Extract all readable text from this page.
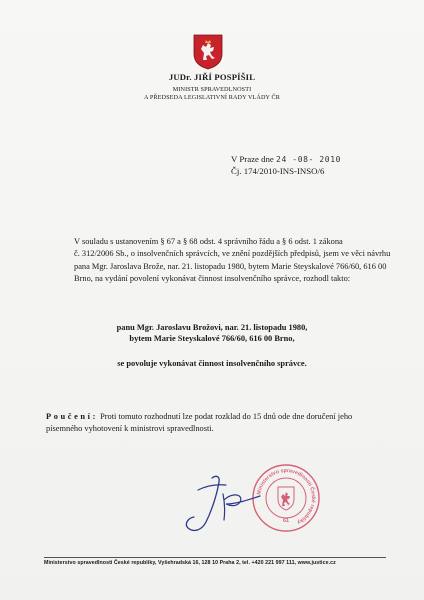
JUDr. JIŘÍ POSPÍŠIL
MINISTR SPRAVEDLNOSTI
A PŘEDSEDA LEGISLATIVNÍ RADY VLÁDY ČR
V Praze dne 24 -08- 2010
Čj. 174/2010-INS-INSO/6
V souladu s ustanovením § 67 a § 68 odst. 4 správního řádu a § 6 odst. 1 zákona
č. 312/2006 Sb., o insolvenčních správcích, ve znění pozdějších předpisů, jsem ve věci návrhu
pana Mgr. Jaroslava Brože, nar. 21. listopadu 1980, bytem Marie Steyskalové 766/60, 616 00
Brno, na vydání povolení vykonávat činnost insolvenčního správce, rozhodl takto:
panu Mgr. Jaroslavu Brožovi, nar. 21. listopadu 1980,
bytem Marie Steyskalové 766/60, 616 00 Brno,
se povoluje vykonávat činnost insolvenčního správce.
Poučení: Proti tomuto rozhodnutí lze podat rozklad do 15 dnů ode dne doručení jeho
písemného vyhotovení k ministrovi spravedlnosti.
Ministerstvo spravedlnosti České republiky
61
Ministerstvo spravedlnosti České republiky, Vyšehradská 16, 128 10 Praha 2, tel. +420 221 997 111, www.justice.cz
